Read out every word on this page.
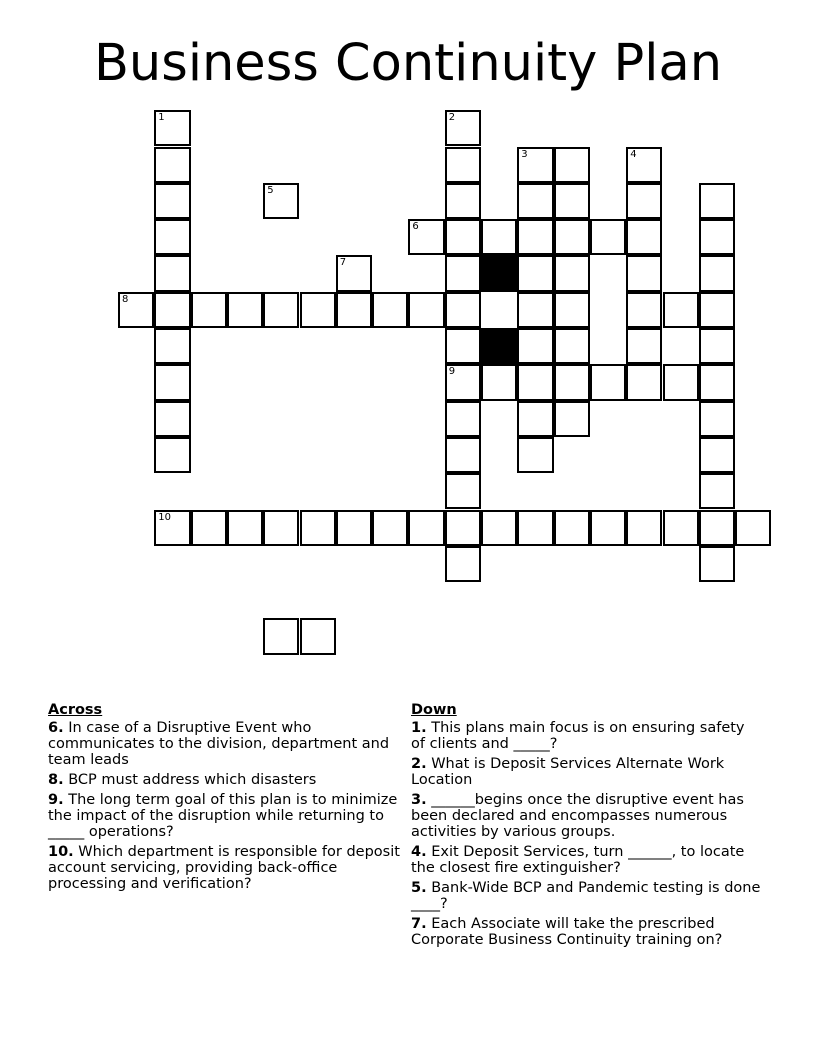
Business Continuity Plan
1	2
9
6
8
10
3	4
5
7
Across
6. In case of a Disruptive Event who communicates to the division, department and team leads
8. BCP must address which disasters
9. The long term goal of this plan is to minimize the impact of the disruption while returning to _____ operations?
10. Which department is responsible for deposit account servicing, providing back-office processing and verification?
Down
1. This plans main focus is on ensuring safety of clients and _____?
2. What is Deposit Services Alternate Work Location
3. ______begins once the disruptive event has been declared and encompasses numerous activities by various groups.
4. Exit Deposit Services, turn ______, to locate the closest fire extinguisher?
5. Bank-Wide BCP and Pandemic testing is done ____?
7. Each Associate will take the prescribed Corporate Business Continuity training on?
